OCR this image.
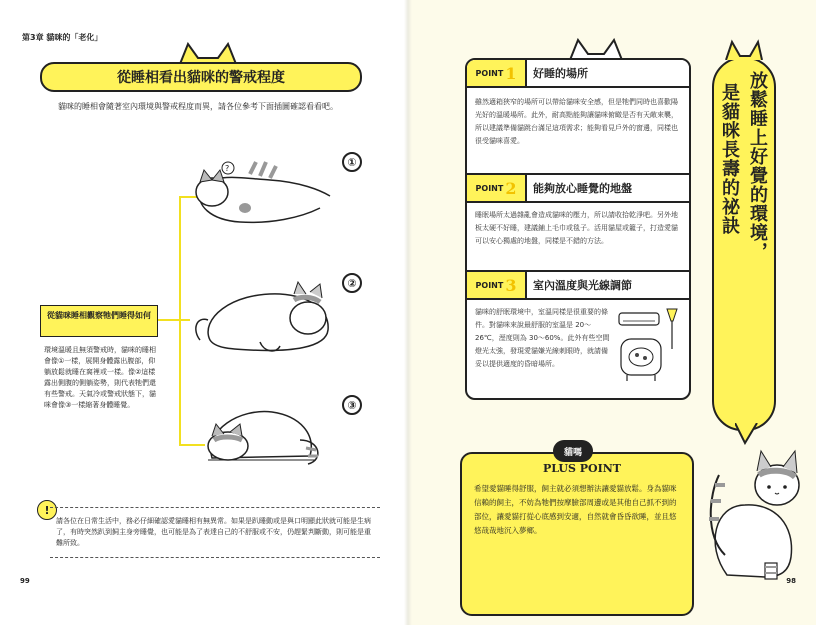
第3章 貓咪的「老化」
從睡相看出貓咪的警戒程度
貓咪的睡相會隨著室內環境與警戒程度而異，請各位參考下面插圖確認看看吧。
①
②
③
?
從貓咪睡相觀察牠們睡得如何
環境溫暖且無須警戒時，貓咪的睡相會像①一樣，展開身體露出腹部，仰躺放鬆就睡在窩裡或一樣。像②這樣露出側腹的側躺姿勢，則代表牠們還有些警戒。天氣冷或警戒狀態下，貓咪會像③一樣縮著身體睡覺。
!
請各位在日常生活中，務必仔細確認愛貓睡相有無異常。如果是趴睡動或是與口明顯此狀就可能是生病了，有時突然趴到飼主身旁睡覺，也可能是為了表達自己的不舒服或不安，仍趕緊判斷動，則可能是重難所致。
99	98
POINT 1 好睡的場所
雖然適箱狹窄的場所可以帶給貓咪安全感，但是牠們同時也喜歡陽光好的溫暖場所。此外，耐高點能夠讓貓咪俯瞰是否有天敵來襲，所以建議準備貓跳台滿足這項需求；能夠看見戶外的窗邊，同樣也很受貓咪喜愛。
POINT 2 能夠放心睡覺的地盤
睡眠場所太過雜亂會造成貓咪的壓力，所以請收拾乾淨吧。另外地板太硬不好睡，建議鋪上毛巾或毯子。活用貓屋或籠子，打造愛貓可以安心獨處的地盤，同樣是不錯的方法。
POINT 3 室內溫度與光線調節
貓咪的舒眠環境中，室溫同樣是很重要的條件。對貓咪來說最舒服的室溫是 20～26℃，溼度則為 30～60%。此外有些空間燈光太強，發現愛貓嫌光線刺眼時，就請備妥以提供適度的昏暗場所。
放鬆睡上好覺的環境，
是貓咪長壽的祕訣
貓嗎
PLUS POINT
希望愛貓睡得舒服，飼主就必須想辦法讓愛貓放鬆。身為貓咪信賴的飼主，不妨為牠們按摩臉部周邊或是其他自己抓不到的部位，讓愛貓打從心底感到安適，自然就會昏昏欲睡，並且悠悠哉哉地沉入夢鄉。
